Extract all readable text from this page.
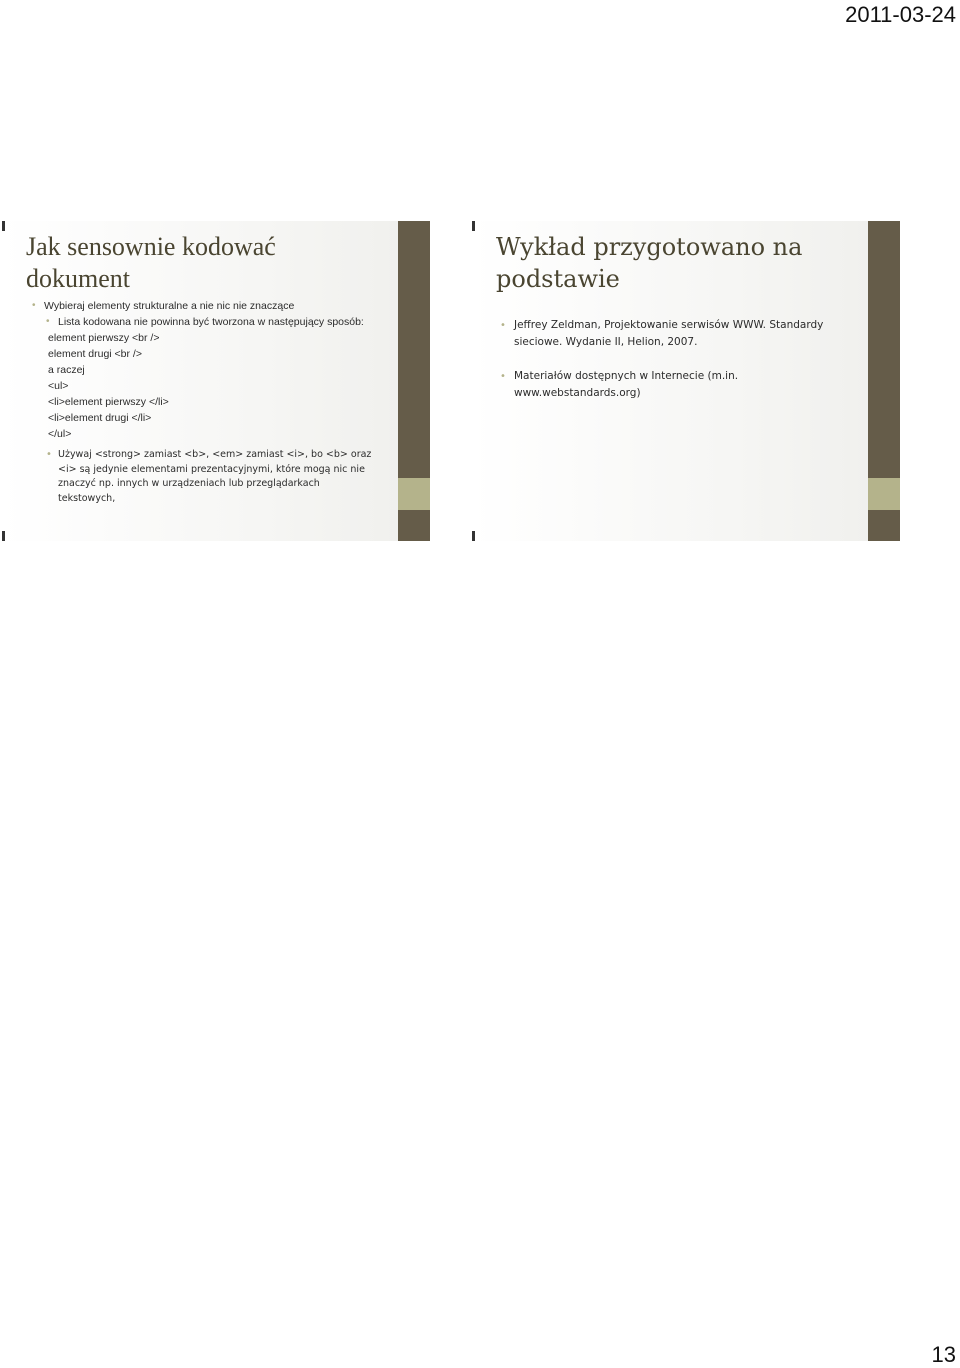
2011-03-24
Jak sensownie kodować dokument
• Wybieraj elementy strukturalne a nie nic nie znaczące
• Lista kodowana nie powinna być tworzona w następujący sposób:
element pierwszy <br />
element drugi <br />
a raczej
<ul>
<li>element pierwszy </li>
<li>element drugi </li>
</ul>
• Używaj <strong> zamiast <b>, <em> zamiast <i>, bo <b> oraz <i> są jedynie elementami prezentacyjnymi, które mogą nic nie znaczyć np. innych w urządzeniach lub przeglądarkach tekstowych,
Wykład przygotowano na podstawie
• Jeffrey Zeldman, Projektowanie serwisów WWW. Standardy sieciowe. Wydanie II, Helion, 2007.
• Materiałów dostępnych w Internecie (m.in. www.webstandards.org)
13
